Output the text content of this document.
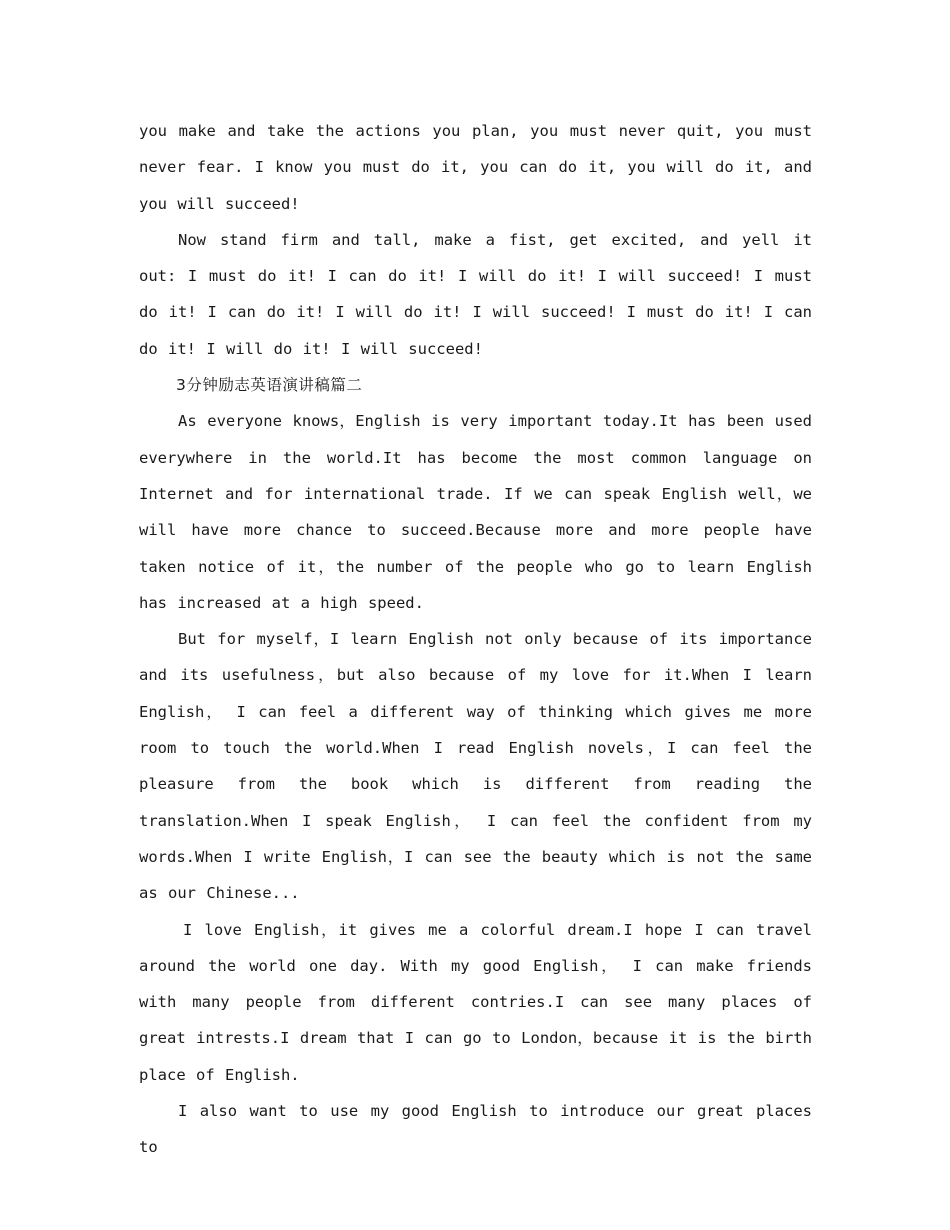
you make and take the actions you plan, you must never quit, you must never fear. I know you must do it, you can do it, you will do it, and you will succeed!

Now stand firm and tall, make a fist, get excited, and yell it out: I must do it! I can do it! I will do it! I will succeed! I must do it! I can do it! I will do it! I will succeed! I must do it! I can do it! I will do it! I will succeed!

3分钟励志英语演讲稿篇二

As everyone knows，English is very important today.It has been used everywhere in the world.It has become the most common language on Internet and for international trade. If we can speak English well，we will have more chance to succeed.Because more and more people have taken notice of it，the number of the people who go to learn English has increased at a high speed.

But for myself，I learn English not only because of its importance and its usefulness，but also because of my love for it.When I learn English， I can feel a different way of thinking which gives me more room to touch the world.When I read English novels，I can feel the pleasure from the book which is different from reading the translation.When I speak English， I can feel the confident from my words.When I write English，I can see the beauty which is not the same as our Chinese...

I love English，it gives me a colorful dream.I hope I can travel around the world one day. With my good English， I can make friends with many people from different contries.I can see many places of great intrests.I dream that I can go to London，because it is the birth place of English.

I also want to use my good English to introduce our great places to
